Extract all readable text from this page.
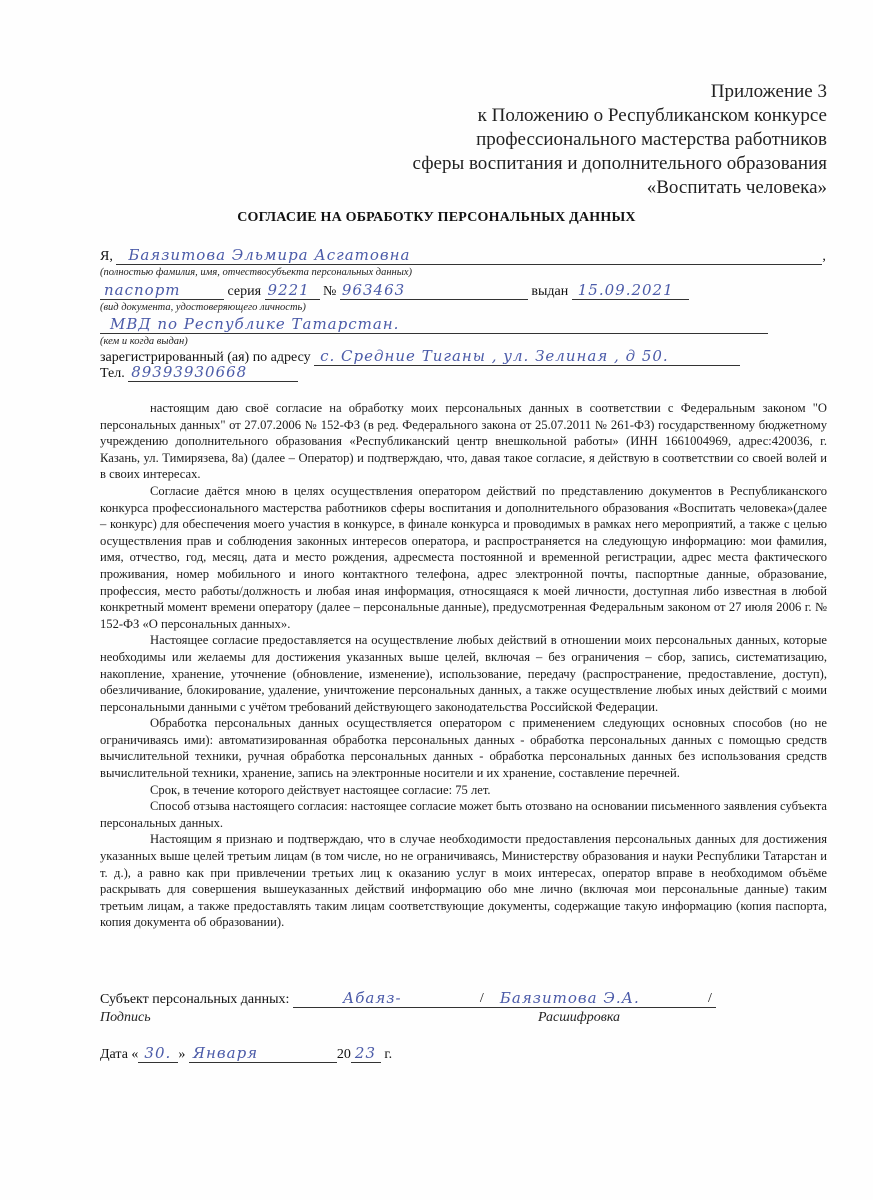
Приложение 3
к Положению о Республиканском конкурсе
профессионального мастерства работников
сферы воспитания и дополнительного образования
«Воспитать человека»
СОГЛАСИЕ НА ОБРАБОТКУ ПЕРСОНАЛЬНЫХ ДАННЫХ
Я, Баязитова Эльмира Асгатовна	,
(полностью фамилия, имя, отчествосубъекта персональных данных)
паспорт	серия 9221 № 963463	выдан 15.09.2021
(вид документа, удостоверяющего личность)
МВД по Республике Татарстан.
(кем и когда выдан)
зарегистрированный (ая) по адресу с. Средние Тиганы , ул. Зелиная , д 50.
Тел. 89393930668

настоящим даю своё согласие на обработку моих персональных данных в соответствии с Федеральным законом "О персональных данных" от 27.07.2006 № 152-ФЗ (в ред. Федерального закона от 25.07.2011 № 261-ФЗ) государственному бюджетному учреждению дополнительного образования «Республиканский центр внешкольной работы» (ИНН 1661004969, адрес:420036, г. Казань, ул. Тимирязева, 8а) (далее – Оператор) и подтверждаю, что, давая такое согласие, я действую в соответствии со своей волей и в своих интересах.

Согласие даётся мною в целях осуществления оператором действий по представлению документов в Республиканского конкурса профессионального мастерства работников сферы воспитания и дополнительного образования «Воспитать человека»(далее – конкурс) для обеспечения моего участия в конкурсе, в финале конкурса и проводимых в рамках него мероприятий, а также с целью осуществления прав и соблюдения законных интересов оператора, и распространяется на следующую информацию: мои фамилия, имя, отчество, год, месяц, дата и место рождения, адресместа постоянной и временной регистрации, адрес места фактического проживания, номер мобильного и иного контактного телефона, адрес электронной почты, паспортные данные, образование, профессия, место работы/должность и любая иная информация, относящаяся к моей личности, доступная либо известная в любой конкретный момент времени оператору (далее – персональные данные), предусмотренная Федеральным законом от 27 июля 2006 г. № 152-ФЗ «О персональных данных».

Настоящее согласие предоставляется на осуществление любых действий в отношении моих персональных данных, которые необходимы или желаемы для достижения указанных выше целей, включая – без ограничения – сбор, запись, систематизацию, накопление, хранение, уточнение (обновление, изменение), использование, передачу (распространение, предоставление, доступ), обезличивание, блокирование, удаление, уничтожение персональных данных, а также осуществление любых иных действий с моими персональными данными с учётом требований действующего законодательства Российской Федерации.

Обработка персональных данных осуществляется оператором с применением следующих основных способов (но не ограничиваясь ими): автоматизированная обработка персональных данных - обработка персональных данных с помощью средств вычислительной техники, ручная обработка персональных данных - обработка персональных данных без использования средств вычислительной техники, хранение, запись на электронные носители и их хранение, составление перечней.

Срок, в течение которого действует настоящее согласие: 75 лет.

Способ отзыва настоящего согласия: настоящее согласие может быть отозвано на основании письменного заявления субъекта персональных данных.

Настоящим я признаю и подтверждаю, что в случае необходимости предоставления персональных данных для достижения указанных выше целей третьим лицам (в том числе, но не ограничиваясь, Министерству образования и науки Республики Татарстан и т. д.), а равно как при привлечении третьих лиц к оказанию услуг в моих интересах, оператор вправе в необходимом объёме раскрывать для совершения вышеуказанных действий информацию обо мне лично (включая мои персональные данные) таким третьим лицам, а также предоставлять таким лицам соответствующие документы, содержащие такую информацию (копия паспорта, копия документа об образовании).

Субъект персональных данных:	Абаяз-	/ Баязитова Э.А.	/
Подпись	Расшифровка
Дата « 30. » Января	20 23 г.
